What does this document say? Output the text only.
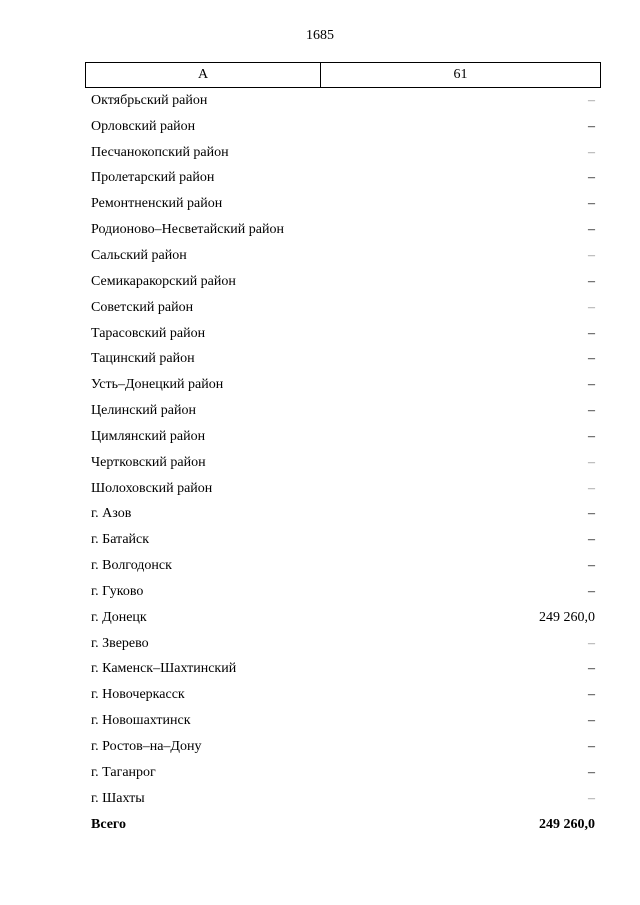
1685
А	61
Октябрьский район	–
Орловский район	–
Песчанокопский район	–
Пролетарский район	–
Ремонтненский район	–
Родионово–Несветайский район	–
Сальский район	–
Семикаракорский район	–
Советский район	–
Тарасовский район	–
Тацинский район	–
Усть–Донецкий район	–
Целинский район	–
Цимлянский район	–
Чертковский район	–
Шолоховский район	–
г. Азов	–
г. Батайск	–
г. Волгодонск	–
г. Гуково	–
г. Донецк	249 260,0
г. Зверево	–
г. Каменск–Шахтинский	–
г. Новочеркасск	–
г. Новошахтинск	–
г. Ростов–на–Дону	–
г. Таганрог	–
г. Шахты	–
Всего	249 260,0
